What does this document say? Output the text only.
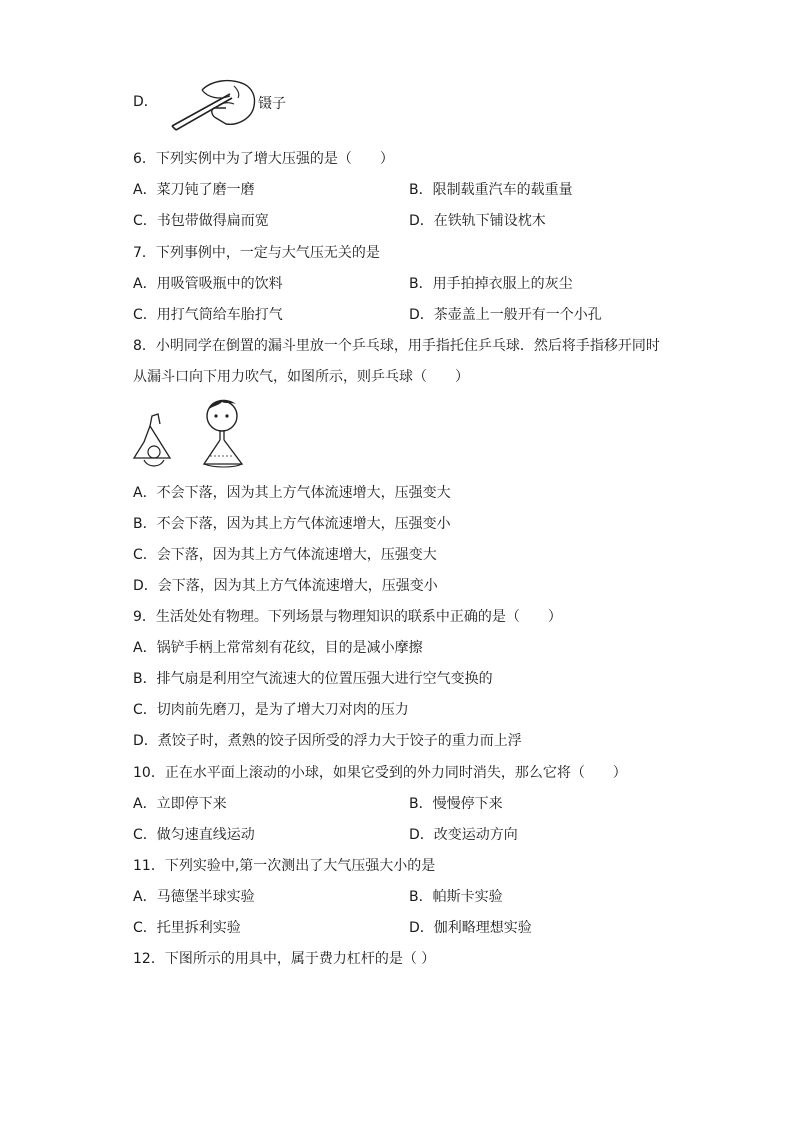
D．	镊子
6．下列实例中为了增大压强的是（　　）
A．菜刀钝了磨一磨	B．限制载重汽车的载重量
C．书包带做得扁而宽	D．在铁轨下铺设枕木
7．下列事例中，一定与大气压无关的是
A．用吸管吸瓶中的饮料	B．用手拍掉衣服上的灰尘
C．用打气筒给车胎打气	D．茶壶盖上一般开有一个小孔
8．小明同学在倒置的漏斗里放一个乒乓球，用手指托住乒乓球．然后将手指移开同时
从漏斗口向下用力吹气，如图所示，则乒乓球（　　）
A．不会下落，因为其上方气体流速增大，压强变大
B．不会下落，因为其上方气体流速增大，压强变小
C．会下落，因为其上方气体流速增大，压强变大
D．会下落，因为其上方气体流速增大，压强变小
9．生活处处有物理。下列场景与物理知识的联系中正确的是（　　）
A．锅铲手柄上常常刻有花纹，目的是减小摩擦
B．排气扇是利用空气流速大的位置压强大进行空气变换的
C．切肉前先磨刀，是为了增大刀对肉的压力
D．煮饺子时，煮熟的饺子因所受的浮力大于饺子的重力而上浮
10．正在水平面上滚动的小球，如果它受到的外力同时消失，那么它将（　　）
A．立即停下来	B．慢慢停下来
C．做匀速直线运动	D．改变运动方向
11．下列实验中,第一次测出了大气压强大小的是
A．马德堡半球实验	B．帕斯卡实验
C．托里拆利实验	D．伽利略理想实验
12．下图所示的用具中，属于费力杠杆的是（ ）
